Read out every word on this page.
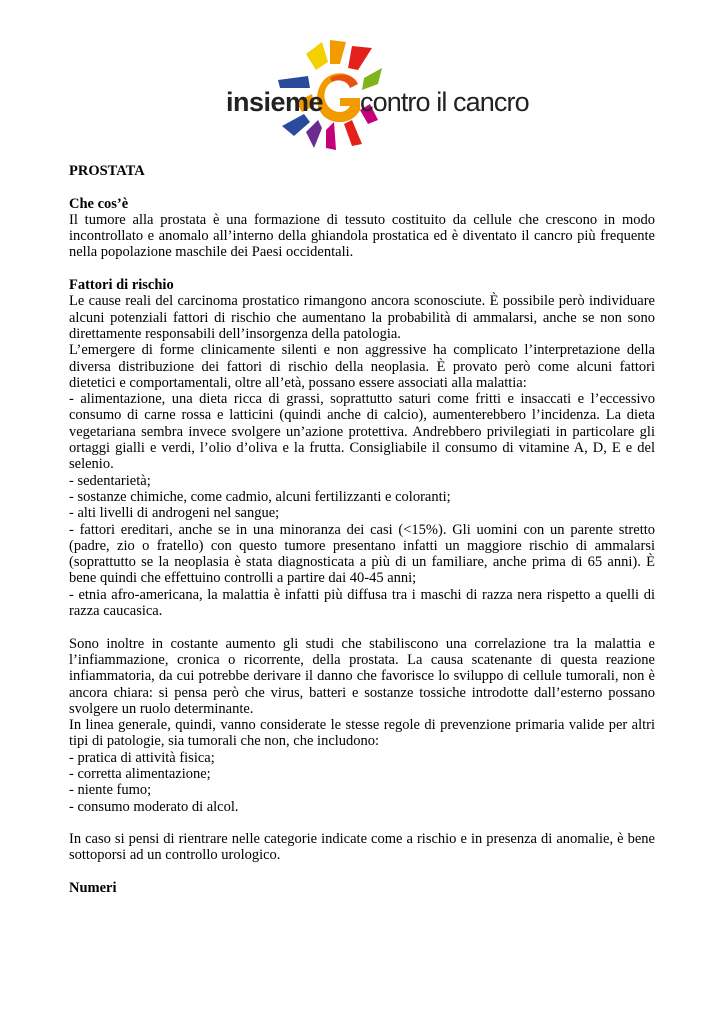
insieme contro il cancro

PROSTATA

Che cos’è

Il tumore alla prostata è una formazione di tessuto costituito da cellule che crescono in modo incontrollato e anomalo all’interno della ghiandola prostatica ed è diventato il cancro più frequente nella popolazione maschile dei Paesi occidentali.

Fattori di rischio

Le cause reali del carcinoma prostatico rimangono ancora sconosciute. È possibile però individuare alcuni potenziali fattori di rischio che aumentano la probabilità di ammalarsi, anche se non sono direttamente responsabili dell’insorgenza della patologia.

L’emergere di forme clinicamente silenti e non aggressive ha complicato l’interpretazione della diversa distribuzione dei fattori di rischio della neoplasia. È provato però come alcuni fattori dietetici e comportamentali, oltre all’età, possano essere associati alla malattia:

- alimentazione, una dieta ricca di grassi, soprattutto saturi come fritti e insaccati e l’eccessivo consumo di carne rossa e latticini (quindi anche di calcio), aumenterebbero l’incidenza. La dieta vegetariana sembra invece svolgere un’azione protettiva. Andrebbero privilegiati in particolare gli ortaggi gialli e verdi, l’olio d’oliva e la frutta. Consigliabile il consumo di vitamine A, D, E e del selenio.

- sedentarietà;

- sostanze chimiche, come cadmio, alcuni fertilizzanti e coloranti;

- alti livelli di androgeni nel sangue;

- fattori ereditari, anche se in una minoranza dei casi (<15%). Gli uomini con un parente stretto (padre, zio o fratello) con questo tumore presentano infatti un maggiore rischio di ammalarsi (soprattutto se la neoplasia è stata diagnosticata a più di un familiare, anche prima di 65 anni). È bene quindi che effettuino controlli a partire dai 40-45 anni;

- etnia afro-americana, la malattia è infatti più diffusa tra i maschi di razza nera rispetto a quelli di razza caucasica.

Sono inoltre in costante aumento gli studi che stabiliscono una correlazione tra la malattia e l’infiammazione, cronica o ricorrente, della prostata. La causa scatenante di questa reazione infiammatoria, da cui potrebbe derivare il danno che favorisce lo sviluppo di cellule tumorali, non è ancora chiara: si pensa però che virus, batteri e sostanze tossiche introdotte dall’esterno possano svolgere un ruolo determinante.

In linea generale, quindi, vanno considerate le stesse regole di prevenzione primaria valide per altri tipi di patologie, sia tumorali che non, che includono:

- pratica di attività fisica;

- corretta alimentazione;

- niente fumo;

- consumo moderato di alcol.

In caso si pensi di rientrare nelle categorie indicate come a rischio e in presenza di anomalie, è bene sottoporsi ad un controllo urologico.

Numeri
